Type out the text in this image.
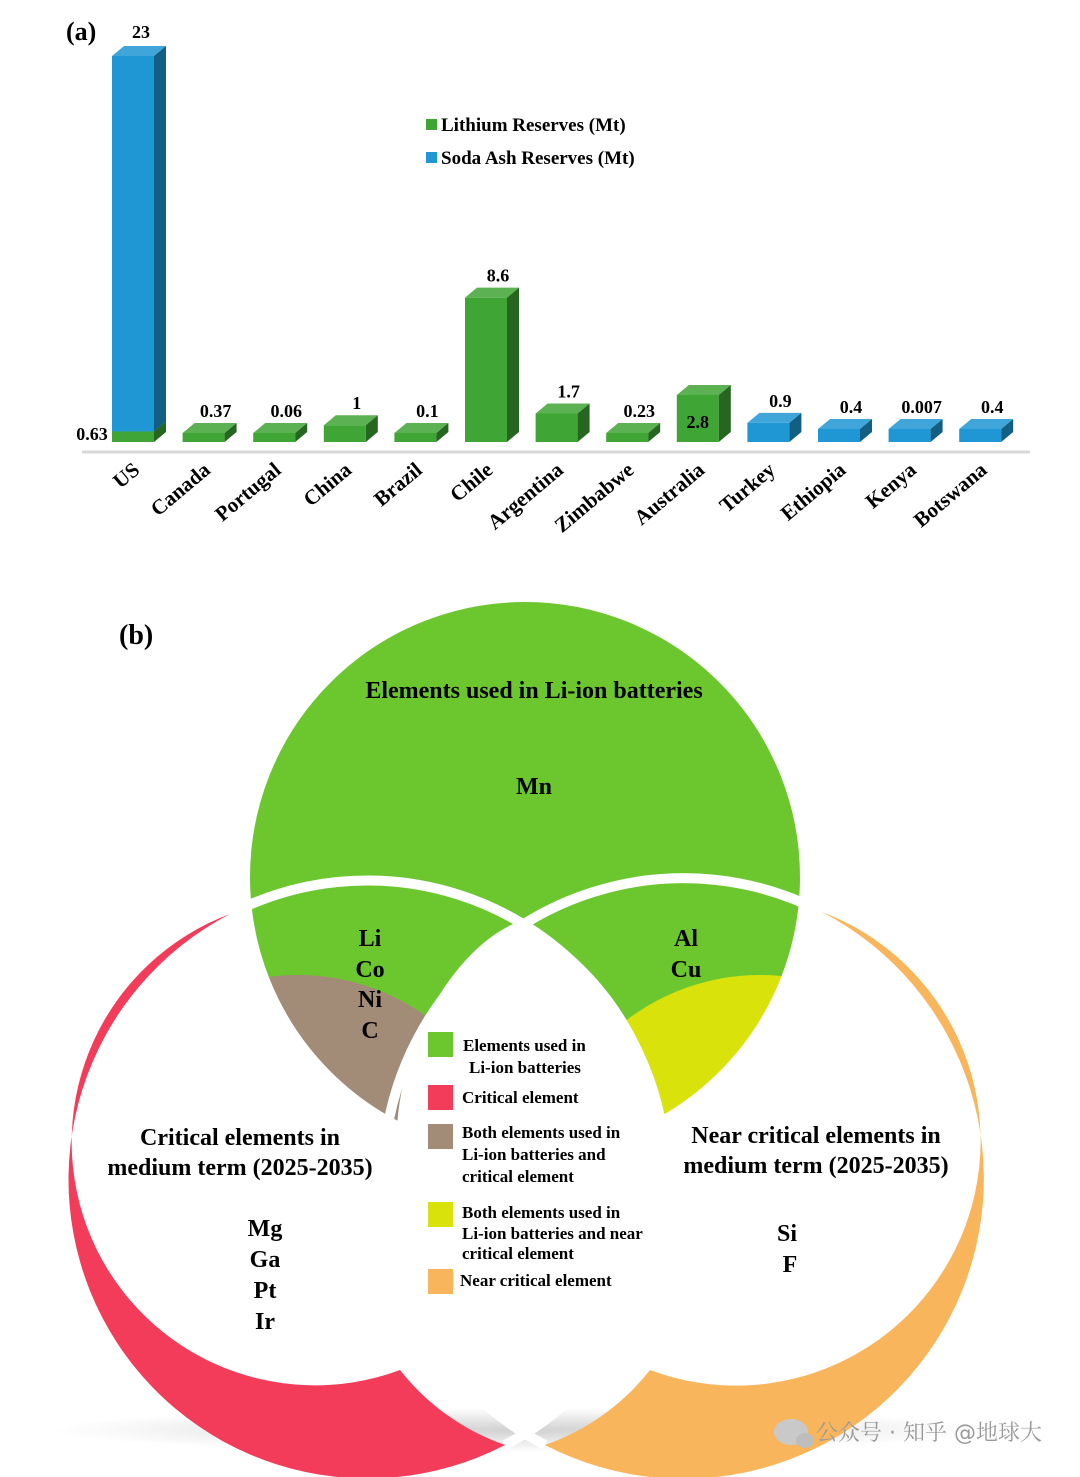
(a) 23
0.63
0.37 0.06	1	0.1
8.6
1.7
0.23
2.8
0.9	0.4 0.007 0.4
US Canada
Portugal China Brazil Chile
Argentina
Zimbabwe
Australia Turkey
Ethiopia Kenya
Botswana
Lithium Reserves (Mt)
Soda Ash Reserves (Mt)
(b)
Elements used in Li-ion batteries
Mn
Critical elements in
medium term (2025-2035)
Mg
Ga
Pt
Ir
Near critical elements in
medium term (2025-2035)
Si
F
Li
Co
Ni
C
Al
Cu
Elements used in
Li-ion batteries
Critical element
Both elements used in
Li-ion batteries and
critical element
Both elements used in
Li-ion batteries and near
critical element
Near critical element
公众号 · 知乎 @地球大
